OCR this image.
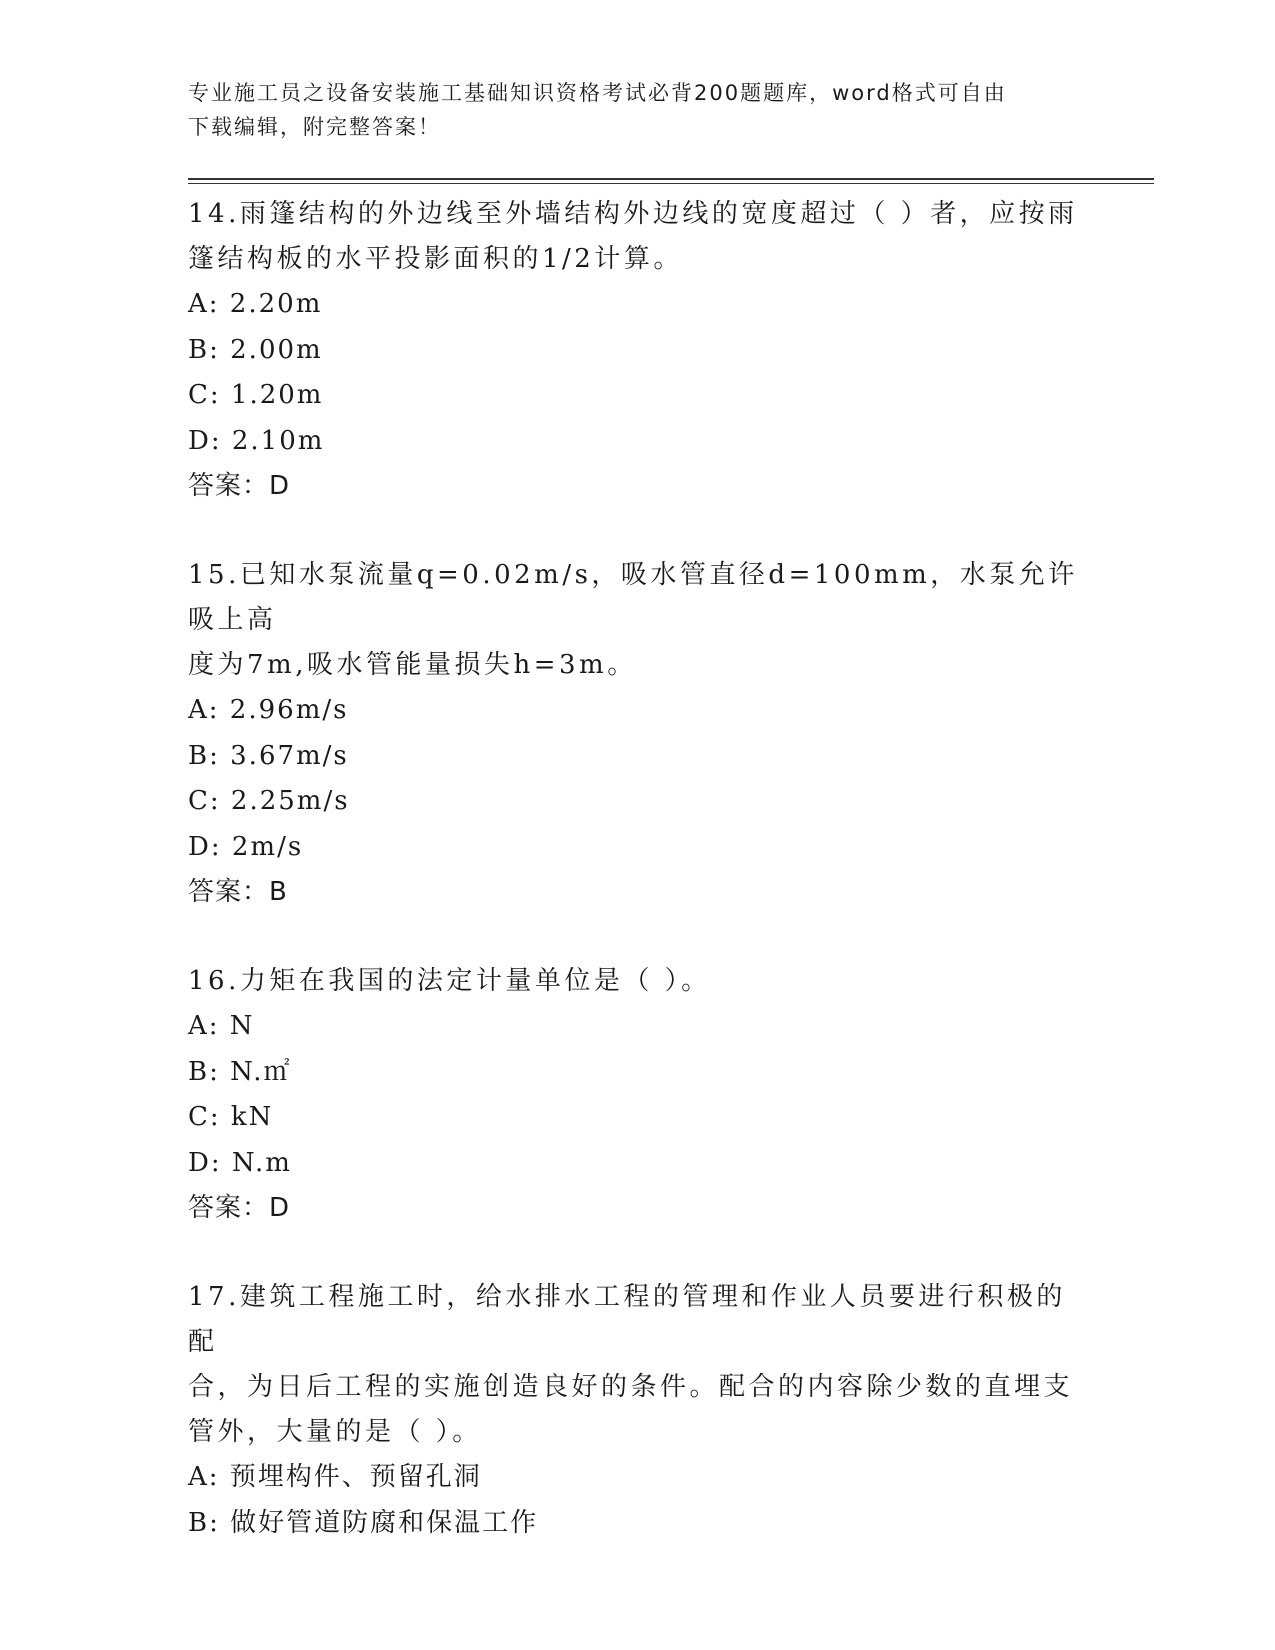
专业施工员之设备安装施工基础知识资格考试必背200题题库，word格式可自由
下载编辑，附完整答案！

14.雨篷结构的外边线至外墙结构外边线的宽度超过（ ）者，应按雨
篷结构板的水平投影面积的1/2计算。

A: 2.20m
B: 2.00m
C: 1.20m
D: 2.10m

答案：D

15.已知水泵流量q=0.02m/s，吸水管直径d=100mm，水泵允许吸上高
度为7m,吸水管能量损失h=3m。

A: 2.96m/s
B: 3.67m/s
C: 2.25m/s
D: 2m/s

答案：B

16.力矩在我国的法定计量单位是（ ）。

A: N
B: N.㎡
C: kN
D: N.m

答案：D

17.建筑工程施工时，给水排水工程的管理和作业人员要进行积极的配
合，为日后工程的实施创造良好的条件。配合的内容除少数的直埋支
管外，大量的是（ ）。

A: 预埋构件、预留孔洞
B: 做好管道防腐和保温工作
